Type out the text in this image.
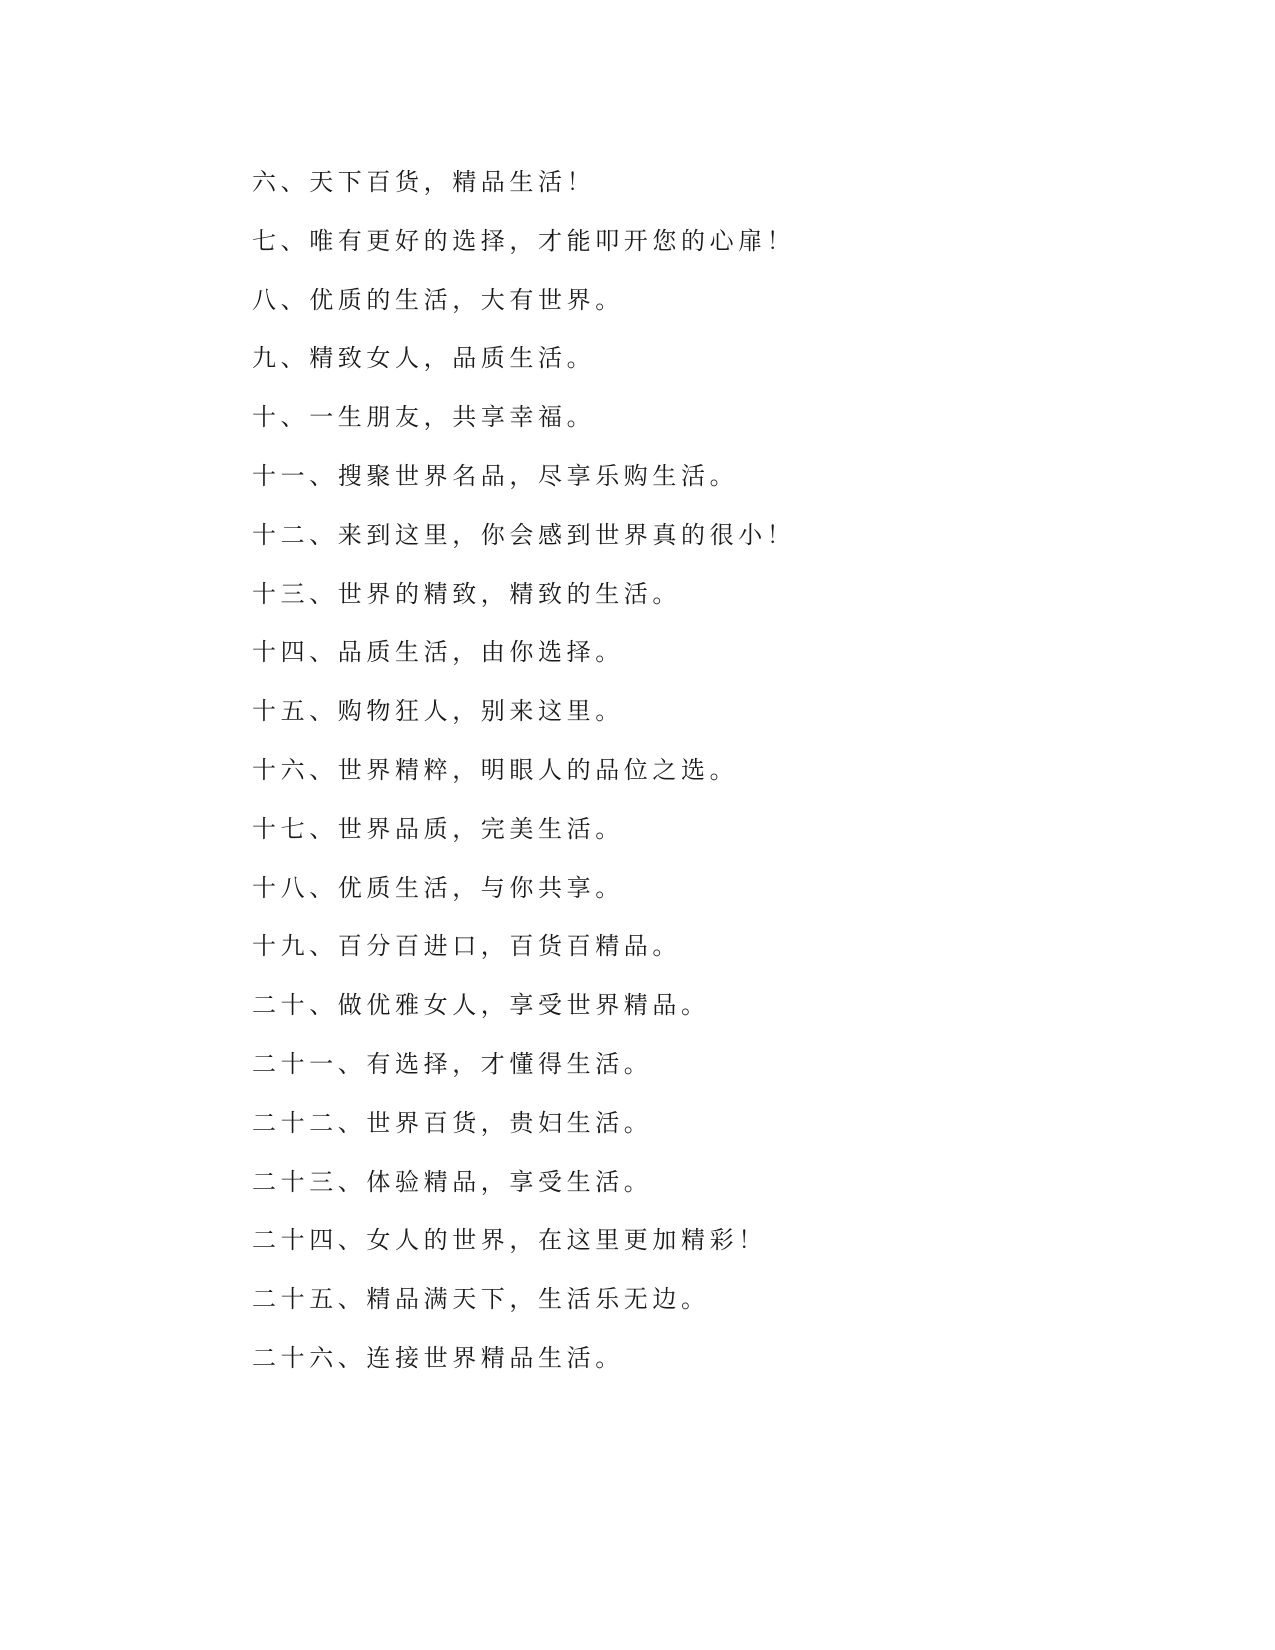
六、天下百货，精品生活！
七、唯有更好的选择，才能叩开您的心扉！
八、优质的生活，大有世界。
九、精致女人，品质生活。
十、一生朋友，共享幸福。
十一、搜聚世界名品，尽享乐购生活。
十二、来到这里，你会感到世界真的很小！
十三、世界的精致，精致的生活。
十四、品质生活，由你选择。
十五、购物狂人，别来这里。
十六、世界精粹，明眼人的品位之选。
十七、世界品质，完美生活。
十八、优质生活，与你共享。
十九、百分百进口，百货百精品。
二十、做优雅女人，享受世界精品。
二十一、有选择，才懂得生活。
二十二、世界百货，贵妇生活。
二十三、体验精品，享受生活。
二十四、女人的世界，在这里更加精彩！
二十五、精品满天下，生活乐无边。
二十六、连接世界精品生活。
